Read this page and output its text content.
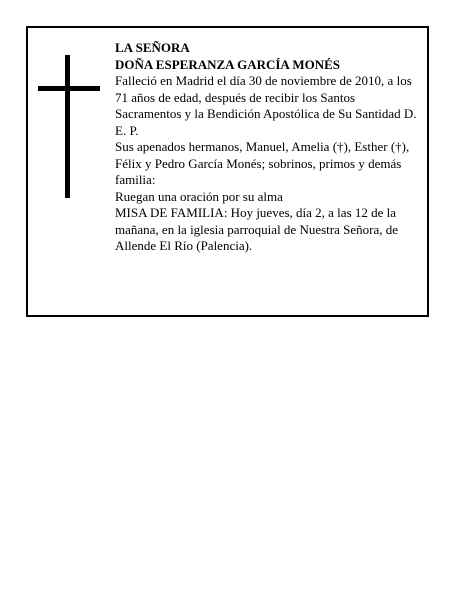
LA SEÑORA

DOÑA ESPERANZA GARCÍA MONÉS

Falleció en Madrid el día 30 de noviembre de 2010, a los 71 años de edad, después de recibir los Santos Sacramentos y la Bendición Apostólica de Su Santidad D. E. P.

Sus apenados hermanos, Manuel, Amelia (†), Esther (†), Félix y Pedro García Monés; sobrinos, primos y demás familia:

Ruegan una oración por su alma

MISA DE FAMILIA: Hoy jueves, día 2, a las 12 de la mañana, en la iglesia parroquial de Nuestra Señora, de Allende El Río (Palencia).
